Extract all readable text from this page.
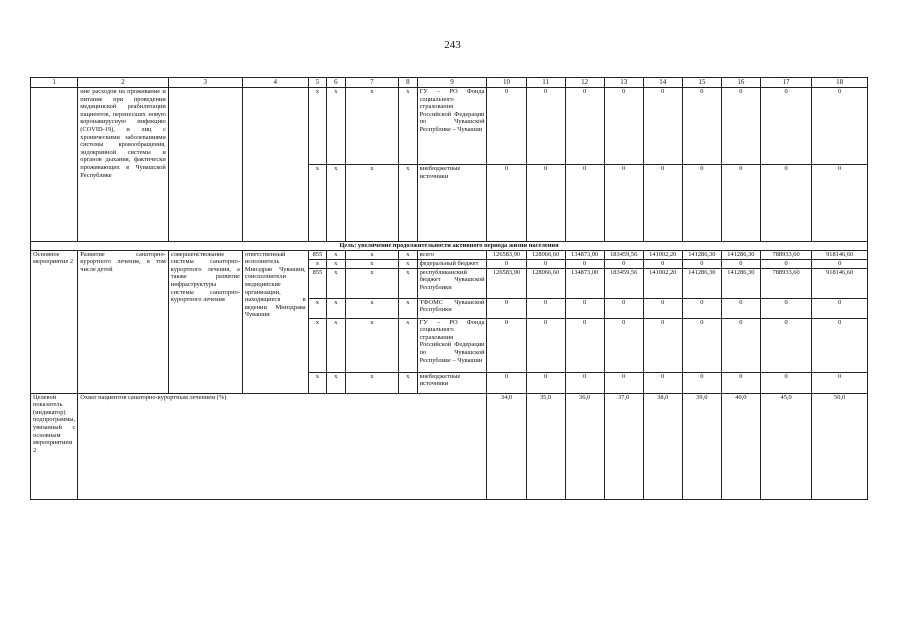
243
1	2	3	4	5	6	7	8	9	10	11	12	13	14	15	16	17	18
	ние расходов на проживание и питание при проведении медицинской реабилитации пациентов, перенесших новую коронавирусную инфекцию (COVID-19), и лиц с хроническими заболеваниями системы кровообращения, эндокринной системы и органов дыхания, фактически проживающих в Чувашской Республике			x	x	x	x	ГУ – РО Фонда социального страхования Российской Федерации по Чувашской Республике – Чувашии	0	0	0	0	0	0	0	0	0
				x	x	x	x	внебюджетные источники	0	0	0	0	0	0	0	0	0
Цель: увеличение продолжительности активного периода жизни населения																	
Основное мероприятие 2	Развитие санаторно-курортного лечения, в том числе детей	совершенствование системы санаторно-курортного лечения, а также развитие инфраструктуры системы санаторно-курортного лечения	ответственный исполнитель Минздрав Чувашии, соисполнители медицинские организации, находящиеся в ведении Минздрава Чувашии	855	x	x	x	всего	126583,90	128066,60	134873,00	183459,56	141002,20	141286,30	141286,30	788933,60	918146,60
				x	x	x	x	федеральный бюджет	0	0	0	0	0	0	0	0	0
				855	x	x	x	республиканский бюджет Чувашской Республики	126583,90	128066,60	134873,00	183459,56	141002,20	141286,30	141286,30	788933,60	918146,60
				x	x	x	x	ТФОМС Чувашской Республики	0	0	0	0	0	0	0	0	0
				x	x	x	x	ГУ – РО Фонда социального страхования Российской Федерации по Чувашской Республике – Чувашии	0	0	0	0	0	0	0	0	0
				x	x	x	x	внебюджетные источники	0	0	0	0	0	0	0	0	0
Целевой показатель (индикатор) подпрограммы, увязанный с основным мероприятием 2	Охват пациентов санаторно-курортным лечением (%)								34,0	35,0	36,0	37,0	38,0	39,0	40,0	45,0	50,0
